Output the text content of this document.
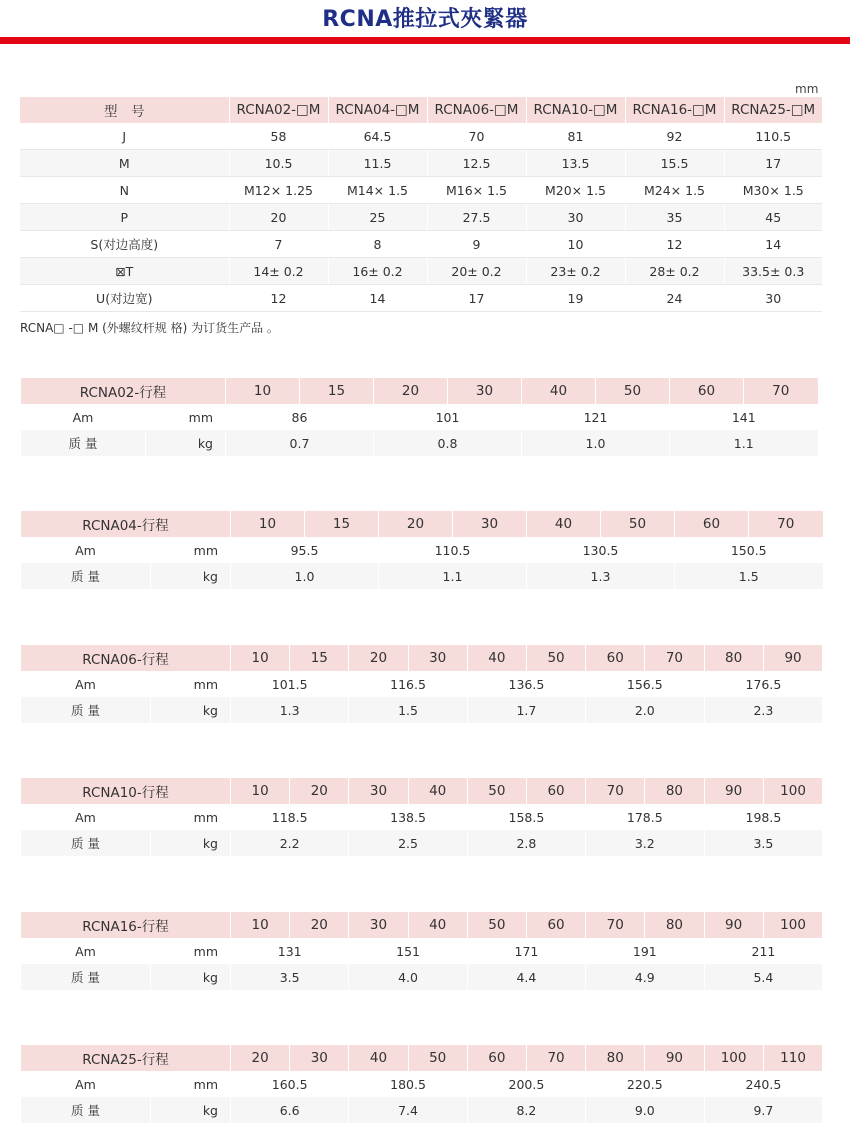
RCNA推拉式夾緊器
mm
型　号	RCNA02-□M	RCNA04-□M	RCNA06-□M	RCNA10-□M	RCNA16-□M	RCNA25-□M
J	58	64.5	70	81	92	110.5
M	10.5	11.5	12.5	13.5	15.5	17
N	M12× 1.25	M14× 1.5	M16× 1.5	M20× 1.5	M24× 1.5	M30× 1.5
P	20	25	27.5	30	35	45
S(对边高度)	7	8	9	10	12	14
⊠T	14± 0.2	16± 0.2	20± 0.2	23± 0.2	28± 0.2	33.5± 0.3
U(对边宽)	12	14	17	19	24	30
RCNA□ -□ M (外螺纹杆规 格) 为订货生产品 。
RCNA02-行程		10	15	20	30	40	50	60	70
Am	mm	86		101		121		141	
质 量	kg	0.7		0.8		1.0		1.1	
RCNA04-行程		10	15	20	30	40	50	60	70
Am	mm	95.5		110.5		130.5		150.5	
质 量	kg	1.0		1.1		1.3		1.5	
RCNA06-行程		10	15	20	30	40	50	60	70	80	90
Am	mm	101.5		116.5		136.5		156.5		176.5	
质 量	kg	1.3		1.5		1.7		2.0		2.3	
RCNA10-行程		10	20	30	40	50	60	70	80	90	100
Am	mm	118.5		138.5		158.5		178.5		198.5	
质 量	kg	2.2		2.5		2.8		3.2		3.5	
RCNA16-行程		10	20	30	40	50	60	70	80	90	100
Am	mm	131		151		171		191		211	
质 量	kg	3.5		4.0		4.4		4.9		5.4	
RCNA25-行程		20	30	40	50	60	70	80	90	100	110
Am	mm	160.5		180.5		200.5		220.5		240.5	
质 量	kg	6.6		7.4		8.2		9.0		9.7	
